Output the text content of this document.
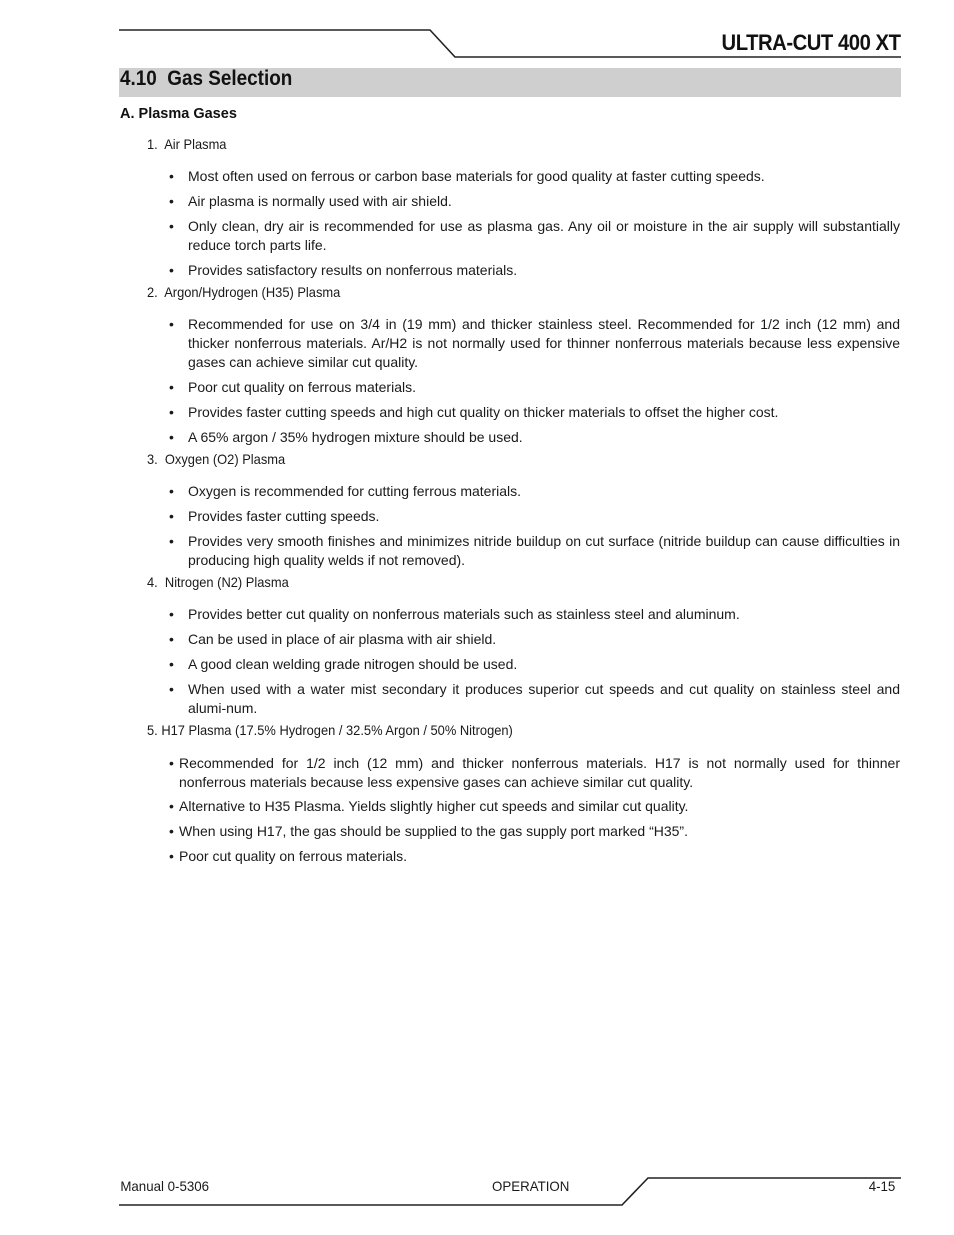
ULTRA-CUT 400 XT
4.10  Gas Selection
A. Plasma Gases
1.  Air Plasma
• Most often used on ferrous or carbon base materials for good quality at faster cutting speeds.
• Air plasma is normally used with air shield.
• Only clean, dry air is recommended for use as plasma gas. Any oil or moisture in the air supply will substantially reduce torch parts life.
• Provides satisfactory results on nonferrous materials.
2.  Argon/Hydrogen (H35) Plasma
• Recommended for use on 3/4 in (19 mm) and thicker stainless steel. Recommended for 1/2 inch (12 mm) and thicker nonferrous materials. Ar/H2 is not normally used for thinner nonferrous materials because less expensive gases can achieve similar cut quality.
• Poor cut quality on ferrous materials.
• Provides faster cutting speeds and high cut quality on thicker materials to offset the higher cost.
• A 65% argon / 35% hydrogen mixture should be used.
3.  Oxygen (O2) Plasma
• Oxygen is recommended for cutting ferrous materials.
• Provides faster cutting speeds.
• Provides very smooth finishes and minimizes nitride buildup on cut surface (nitride buildup can cause difficulties in producing high quality welds if not removed).
4.  Nitrogen (N2) Plasma
• Provides better cut quality on nonferrous materials such as stainless steel and aluminum.
• Can be used in place of air plasma with air shield.
• A good clean welding grade nitrogen should be used.
• When used with a water mist secondary it produces superior cut speeds and cut quality on stainless steel and alumi-num.
5. H17 Plasma (17.5% Hydrogen / 32.5% Argon / 50% Nitrogen)
• Recommended for 1/2 inch (12 mm) and thicker nonferrous materials. H17 is not normally used for thinner nonferrous materials because less expensive gases can achieve similar cut quality.
• Alternative to H35 Plasma. Yields slightly higher cut speeds and similar cut quality.
• When using H17, the gas should be supplied to the gas supply port marked “H35”.
• Poor cut quality on ferrous materials.
Manual 0-5306	OPERATION	4-15
